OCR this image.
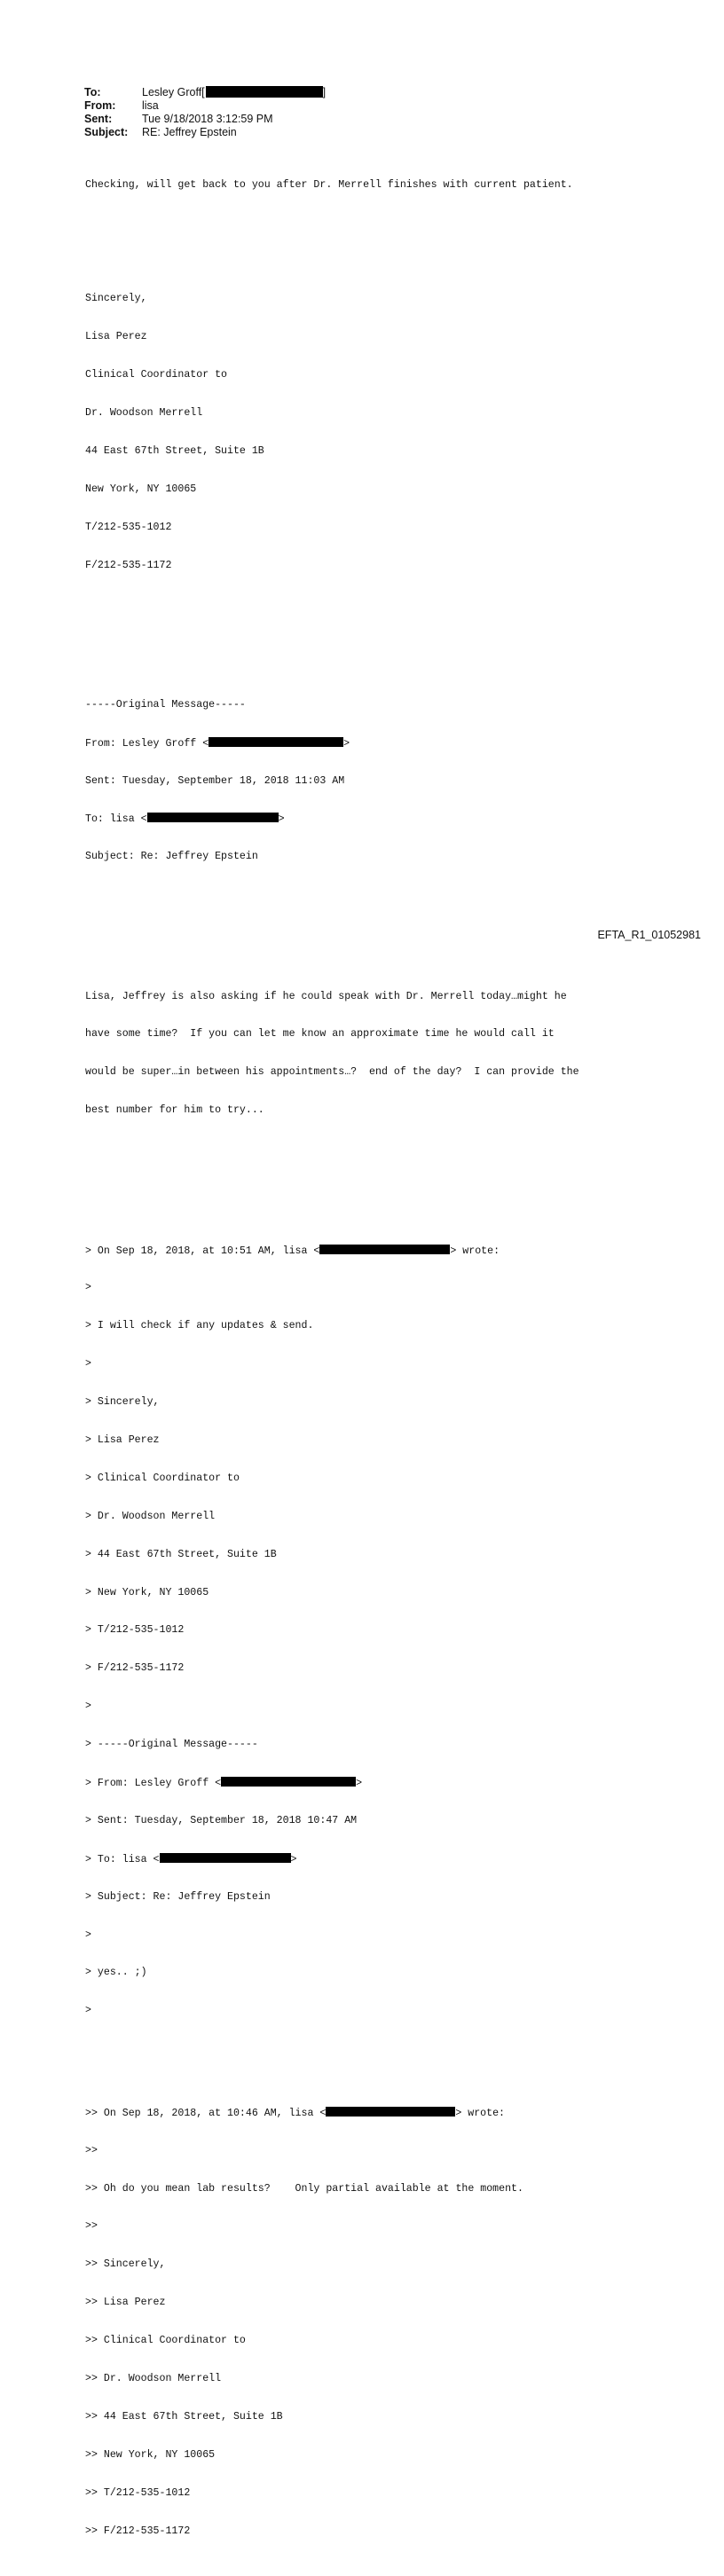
To:	Lesley Groff[	]
From:	lisa
Sent:	Tue 9/18/2018 3:12:59 PM
Subject:	RE: Jeffrey Epstein

Checking, will get back to you after Dr. Merrell finishes with current patient.

Sincerely,

Lisa Perez

Clinical Coordinator to

Dr. Woodson Merrell

44 East 67th Street, Suite 1B

New York, NY 10065

T/212-535-1012

F/212-535-1172

-----Original Message-----

From: Lesley Groff <	>

Sent: Tuesday, September 18, 2018 11:03 AM

To: lisa <	>

Subject: Re: Jeffrey Epstein

Lisa, Jeffrey is also asking if he could speak with Dr. Merrell today…might he

have some time?  If you can let me know an approximate time he would call it

would be super…in between his appointments…?  end of the day?  I can provide the

best number for him to try...

> On Sep 18, 2018, at 10:51 AM, lisa <	> wrote:

>

> I will check if any updates & send.

>

> Sincerely,

> Lisa Perez

> Clinical Coordinator to

> Dr. Woodson Merrell

> 44 East 67th Street, Suite 1B

> New York, NY 10065

> T/212-535-1012

> F/212-535-1172

>

> -----Original Message-----

> From: Lesley Groff <	>

> Sent: Tuesday, September 18, 2018 10:47 AM

> To: lisa <	>

> Subject: Re: Jeffrey Epstein

>

> yes.. ;)

>

>> On Sep 18, 2018, at 10:46 AM, lisa <	> wrote:

>>

>> Oh do you mean lab results?    Only partial available at the moment.

>>

>> Sincerely,

>> Lisa Perez

>> Clinical Coordinator to

>> Dr. Woodson Merrell

>> 44 East 67th Street, Suite 1B

>> New York, NY 10065

>> T/212-535-1012

>> F/212-535-1172

EFTA_R1_01052981
